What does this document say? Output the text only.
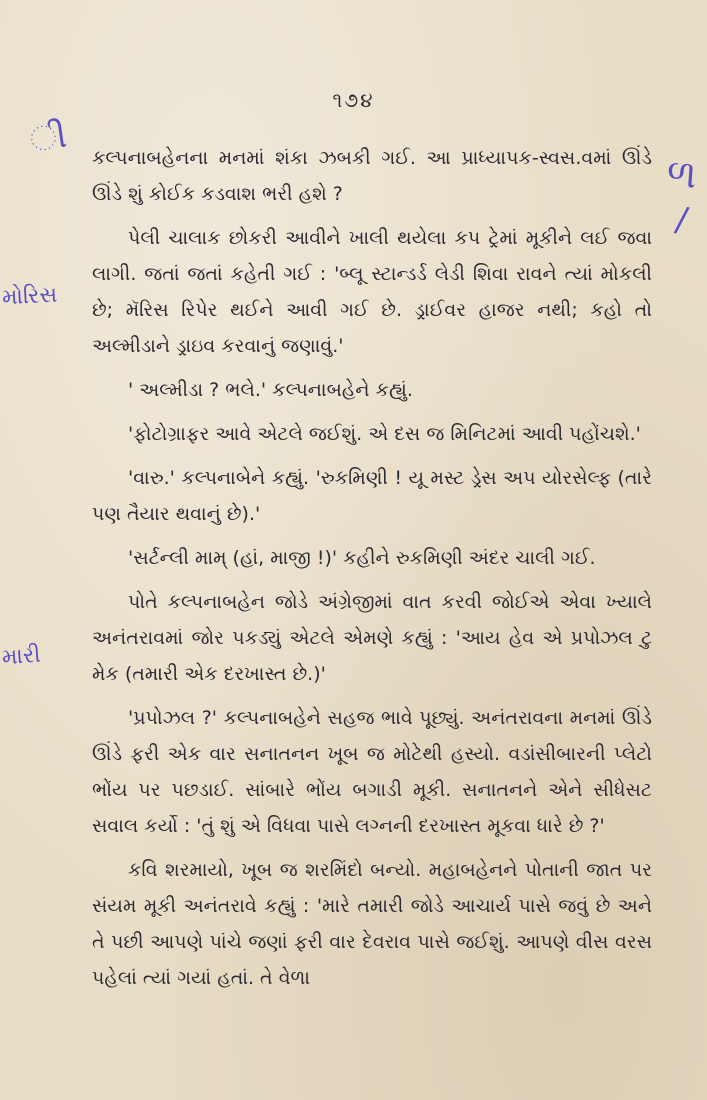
૧૭૪
ી
ળ
/
મોરિસ
મારી

કલ્પનાબહેનના મનમાં શંકા ઝબકી ગઈ. આ પ્રાધ્યાપક-સ્વસ.વમાં ઊંડે ઊંડે શું કોઈક કડવાશ ભરી હશે ?

પેલી ચાલાક છોકરી આવીને ખાલી થયેલા કપ ટ્રેમાં મૂકીને લઈ જવા લાગી. જતાં જતાં કહેતી ગઈ : 'બ્લૂ સ્ટાન્ડર્ડ લેડી શિવા રાવને ત્યાં મોકલી છે; મૅરિસ રિપેર થઈને આવી ગઈ છે. ડ્રાઈવર હાજર નથી; કહો તો અલ્મીડાને ડ્રાઇવ કરવાનું જણાવું.'

' અલ્મીડા ? ભલે.' કલ્પનાબહેને કહ્યું.

'ફોટોગ્રાફર આવે એટલે જઈશું. એ દસ જ મિનિટમાં આવી પહોંચશે.'

'વારુ.' કલ્પનાબેને કહ્યું. 'રુકમિણી ! યૂ મસ્ટ ડ્રેસ અપ યોરસેલ્ફ (તારે પણ તૈયાર થવાનું છે).'

'સર્ટન્લી મામ્ (હાં, માજી !)' કહીને રુકમિણી અંદર ચાલી ગઈ.

પોતે કલ્પનાબહેન જોડે અંગ્રેજીમાં વાત કરવી જોઈએ એવા ખ્યાલે અનંતરાવમાં જોર પકડ્યું એટલે એમણે કહ્યું : 'આય હેવ એ પ્રપોઝલ ટુ મેક (તમારી એક દરખાસ્ત છે.)'

'પ્રપોઝલ ?' કલ્પનાબહેને સહજ ભાવે પૂછ્યું. અનંતરાવના મનમાં ઊંડે ઊંડે ફરી એક વાર સનાતનન ખૂબ જ મોટેથી હસ્યો. વડાંસીબારની પ્લેટો ભોંય પર પછડાઈ. સાંબારે ભોંય બગાડી મૂકી. સનાતનને એને સીધેસટ સવાલ કર્યો : 'તું શું એ વિધવા પાસે લગ્નની દરખાસ્ત મૂકવા ધારે છે ?'

કવિ શરમાયો, ખૂબ જ શરમિંદો બન્યો. મહાબહેનને પોતાની જાત પર સંયમ મૂકી અનંતરાવે કહ્યું : 'મારે તમારી જોડે આચાર્ય પાસે જવું છે અને તે પછી આપણે પાંચે જણાં ફરી વાર દેવરાવ પાસે જઈશું. આપણે વીસ વરસ પહેલાં ત્યાં ગયાં હતાં. તે વેળા
